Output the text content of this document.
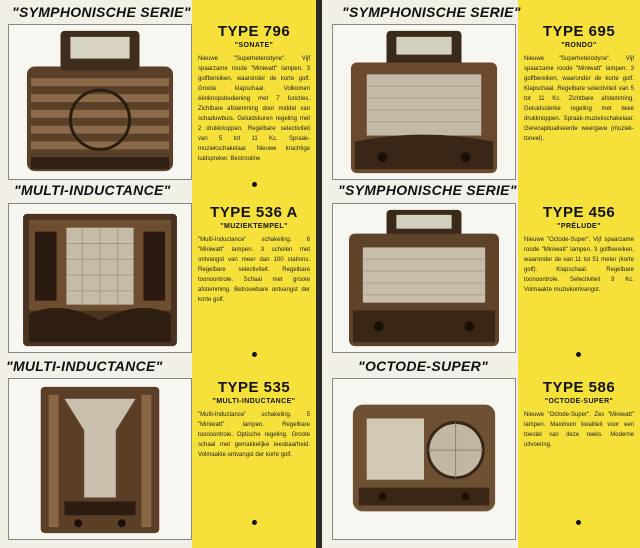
"SYMPHONISCHE SERIE"
"MULTI-INDUCTANCE"
"MULTI-INDUCTANCE"
TYPE 796
"SONATE"
Nieuwe "Superheterodyne". Vijf spaarzame roode "Miniwatt" lampen. 3 golfbereiken, waaronder de korte golf. Groote klapschaal. Volkomen éénknopsbediening met 7 functies. Zichtbare afstemming door middel van schaduwbuis. Geluidskuren regeling met 2 drukknoppen. Regelbare selectiviteit van 5 tot 11 Kc. Spraak-muziekschakelaar. Nieuwe krachtige luidspreker. Bestrooiine
TYPE 536 A
"MUZIEKTEMPEL"
"Multi-Inductance" schakeling. 6 "Miniwatt" lampen. 3 scholen met ontvangst van meer dan 100 stations. Regelbare selectiviteit. Regelbare toonoontrole. Schaal met groote afstemming. Betrouwbare ontvangst der korte golf.
TYPE 535
"MULTI-INDUCTANCE"
"Multi-Inductance" schakeling. 5 "Miniwatt" lampen. Regelbare toonoontrole. Optische regeling. Groote schaal met gemakkelijke leesbaarheid. Volmaakte ontvangst der korte golf.
"SYMPHONISCHE SERIE"
"SYMPHONISCHE SERIE"
"OCTODE-SUPER"
TYPE 695
"RONDO"
Nieuwe "Superheterodyne". Vijf spaarzame roode "Miniwatt" lampen. 3 golfbereiken, waaronder de korte golf. Klapschaal. Regelbare selectiviteit van 5 tot 11 Kc. Zichtbare afstemming. Geluidssterke regeling met twee drukknoppen. Spraak-muziekschakelaar. Gerecapitualiseerde weergave (muziek-toneel).
TYPE 456
"PRÉLUDE"
Nieuwe "Octode-Super". Vijf spaarzame roode "Miniwatt" lampen. 3 golfbereiken, waaronder de van 11 tot 51 meter (korte golf). Klapschaal. Regelbare toonoontrole. Selectiviteit 9 Kc. Volmaakte muziekontvangst.
TYPE 586
"OCTODE-SUPER"
Nieuwe "Octode-Super". Zes "Miniwatt" lampen. Maximum kwaliteit voor een toestel van deze reeks. Moderne uitvoering.
